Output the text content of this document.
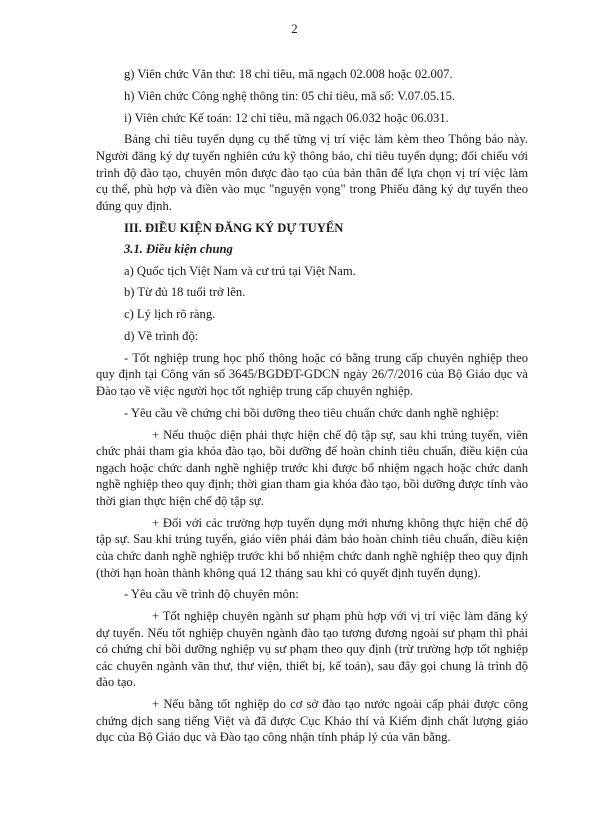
2

g) Viên chức Văn thư: 18 chỉ tiêu, mã ngạch 02.008 hoặc 02.007.

h) Viên chức Công nghệ thông tin: 05 chỉ tiêu, mã số: V.07.05.15.

i) Viên chức Kế toán: 12 chỉ tiêu, mã ngạch 06.032 hoặc 06.031.

Bảng chỉ tiêu tuyển dụng cụ thể từng vị trí việc làm kèm theo Thông báo này. Người đăng ký dự tuyển nghiên cứu kỹ thông báo, chỉ tiêu tuyển dụng; đối chiếu với trình độ đào tạo, chuyên môn được đào tạo của bản thân để lựa chọn vị trí việc làm cụ thể, phù hợp và điền vào mục "nguyện vọng" trong Phiếu đăng ký dự tuyển theo đúng quy định.

III. ĐIỀU KIỆN ĐĂNG KÝ DỰ TUYỂN

3.1. Điều kiện chung

a) Quốc tịch Việt Nam và cư trú tại Việt Nam.

b) Từ đủ 18 tuổi trở lên.

c) Lý lịch rõ ràng.

d) Về trình độ:

- Tốt nghiệp trung học phổ thông hoặc có bằng trung cấp chuyên nghiệp theo quy định tại Công văn số 3645/BGDĐT-GDCN ngày 26/7/2016 của Bộ Giáo dục và Đào tạo về việc người học tốt nghiệp trung cấp chuyên nghiệp.

- Yêu cầu về chứng chỉ bồi dưỡng theo tiêu chuẩn chức danh nghề nghiệp:

+ Nếu thuộc diện phải thực hiện chế độ tập sự, sau khi trúng tuyển, viên chức phải tham gia khóa đào tạo, bồi dưỡng để hoàn chỉnh tiêu chuẩn, điều kiện của ngạch hoặc chức danh nghề nghiệp trước khi được bổ nhiệm ngạch hoặc chức danh nghề nghiệp theo quy định; thời gian tham gia khóa đào tạo, bồi dưỡng được tính vào thời gian thực hiện chế độ tập sự.

+ Đối với các trường hợp tuyển dụng mới nhưng không thực hiện chế độ tập sự. Sau khi trúng tuyển, giáo viên phải đảm bảo hoàn chỉnh tiêu chuẩn, điều kiện của chức danh nghề nghiệp trước khi bổ nhiệm chức danh nghề nghiệp theo quy định (thời hạn hoàn thành không quá 12 tháng sau khi có quyết định tuyển dụng).

- Yêu cầu về trình độ chuyên môn:

+ Tốt nghiệp chuyên ngành sư phạm phù hợp với vị trí việc làm đăng ký dự tuyển. Nếu tốt nghiệp chuyên ngành đào tạo tương đương ngoài sư phạm thì phải có chứng chỉ bồi dưỡng nghiệp vụ sư phạm theo quy định (trừ trường hợp tốt nghiệp các chuyên ngành văn thư, thư viện, thiết bị, kế toán), sau đây gọi chung là trình độ đào tạo.

+ Nếu bằng tốt nghiệp do cơ sở đào tạo nước ngoài cấp phải được công chứng dịch sang tiếng Việt và đã được Cục Khảo thí và Kiểm định chất lượng giáo dục của Bộ Giáo dục và Đào tạo công nhận tính pháp lý của văn bằng.
